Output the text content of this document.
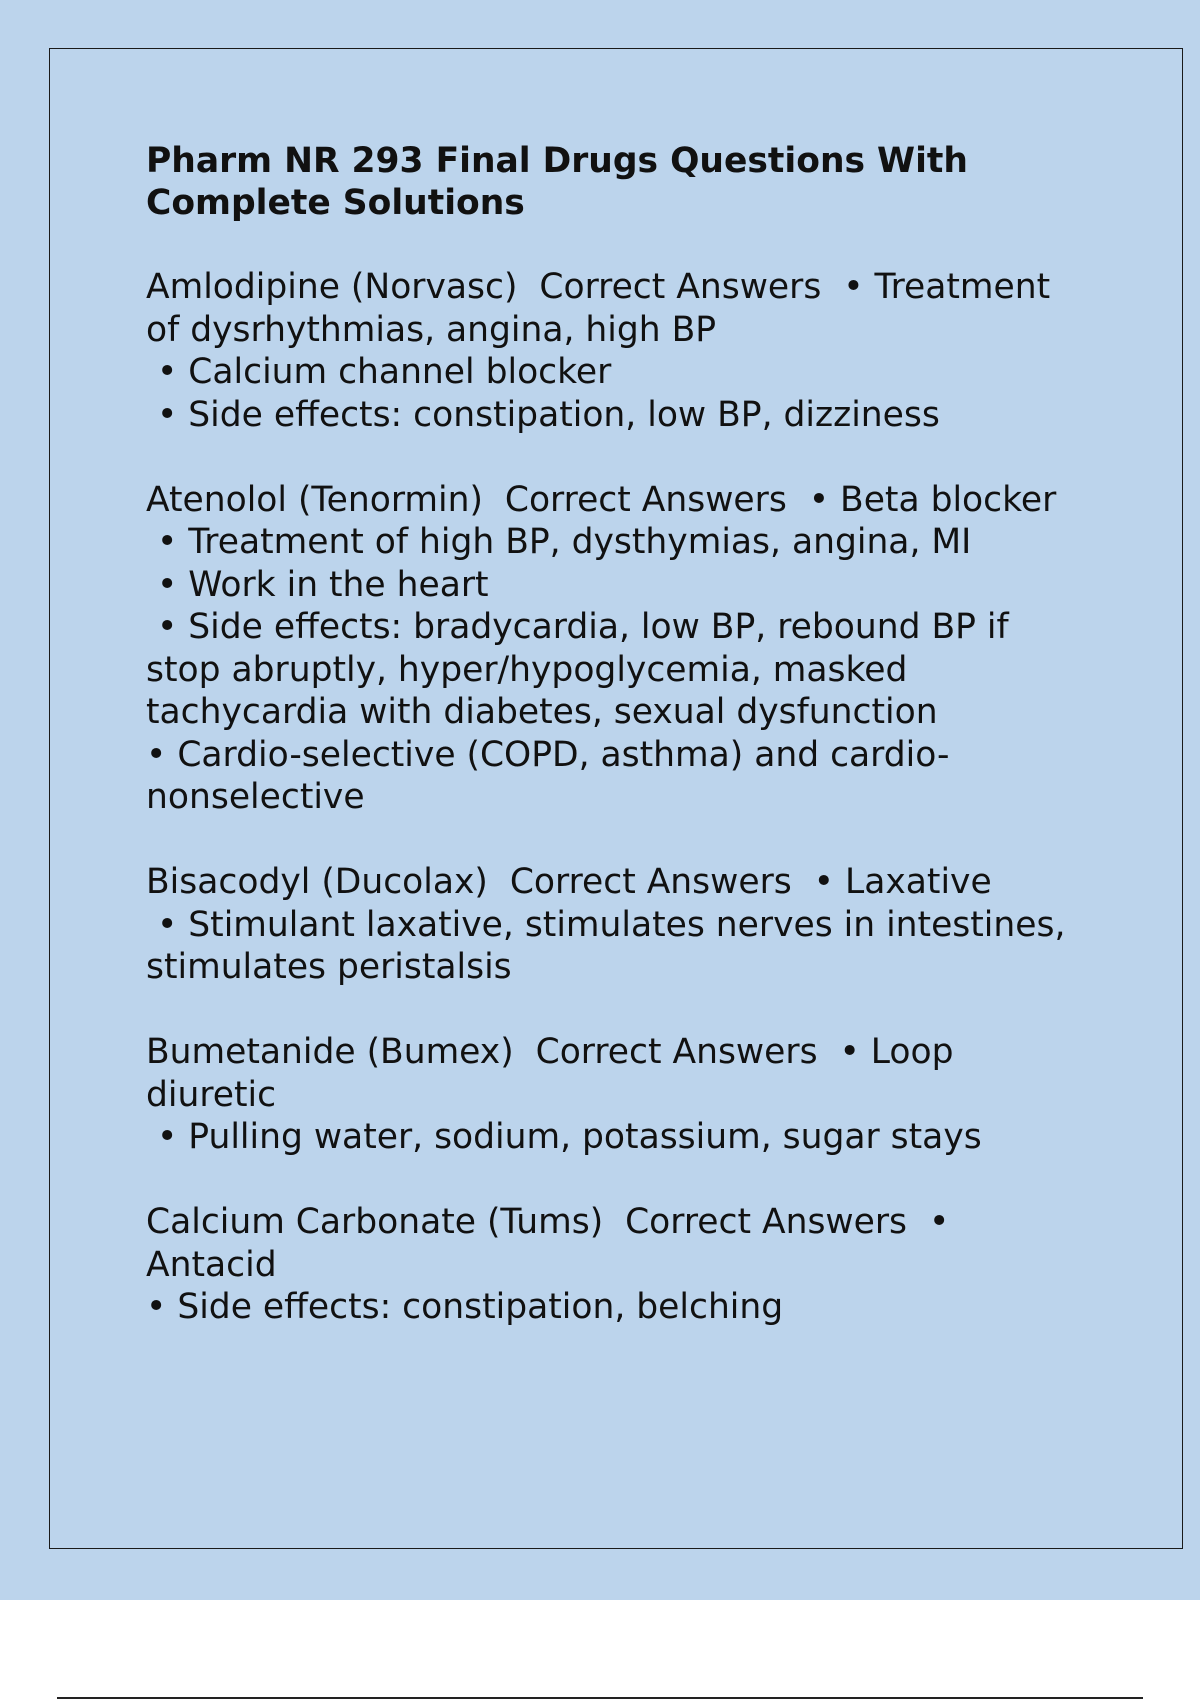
Pharm NR 293 Final Drugs Questions With Complete Solutions
Amlodipine (Norvasc)  Correct Answers  • Treatment of dysrhythmias, angina, high BP
• Calcium channel blocker
• Side effects: constipation, low BP, dizziness
Atenolol (Tenormin)  Correct Answers  • Beta blocker
• Treatment of high BP, dysthymias, angina, MI
• Work in the heart
• Side effects: bradycardia, low BP, rebound BP if stop abruptly, hyper/hypoglycemia, masked tachycardia with diabetes, sexual dysfunction
• Cardio-selective (COPD, asthma) and cardio-nonselective
Bisacodyl (Ducolax)  Correct Answers  • Laxative
• Stimulant laxative, stimulates nerves in intestines, stimulates peristalsis
Bumetanide (Bumex)  Correct Answers  • Loop diuretic
• Pulling water, sodium, potassium, sugar stays
Calcium Carbonate (Tums)  Correct Answers  • Antacid
• Side effects: constipation, belching
